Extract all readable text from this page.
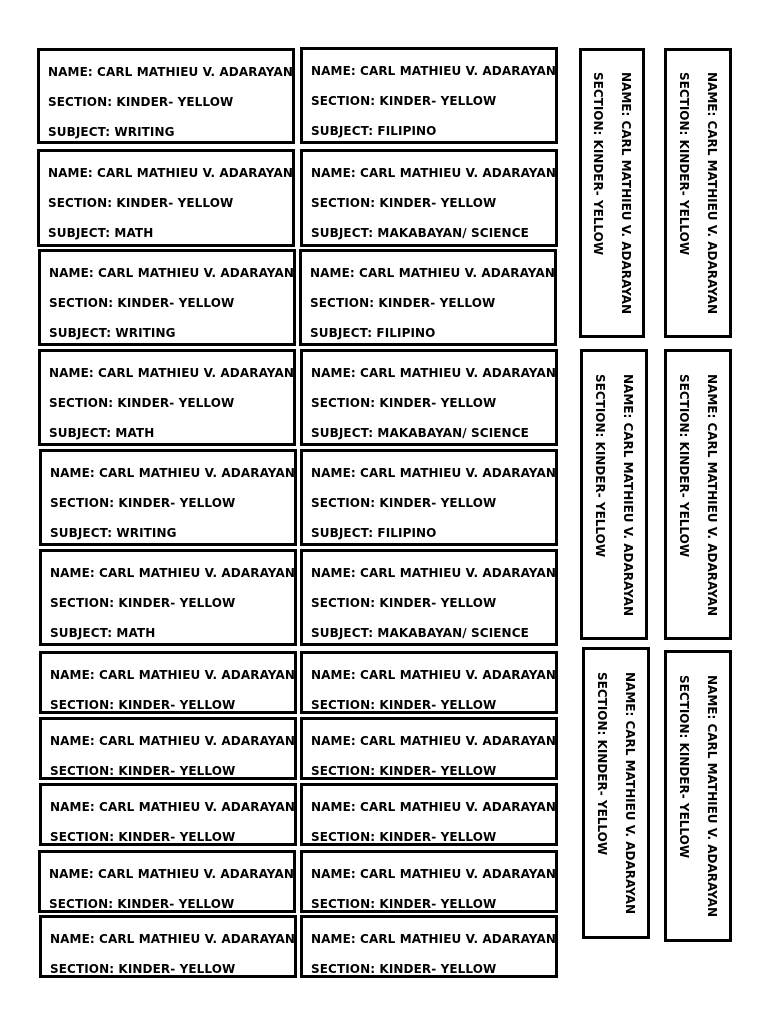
NAME: CARL MATHIEU V. ADARAYAN
SECTION: KINDER- YELLOW
SUBJECT: WRITING
NAME: CARL MATHIEU V. ADARAYAN
SECTION: KINDER- YELLOW
SUBJECT: MATH
NAME: CARL MATHIEU V. ADARAYAN
SECTION: KINDER- YELLOW
SUBJECT: WRITING
NAME: CARL MATHIEU V. ADARAYAN
SECTION: KINDER- YELLOW
SUBJECT: MATH
NAME: CARL MATHIEU V. ADARAYAN
SECTION: KINDER- YELLOW
SUBJECT: WRITING
NAME: CARL MATHIEU V. ADARAYAN
SECTION: KINDER- YELLOW
SUBJECT: MATH
NAME: CARL MATHIEU V. ADARAYAN
SECTION: KINDER- YELLOW
SUBJECT: FILIPINO
NAME: CARL MATHIEU V. ADARAYAN
SECTION: KINDER- YELLOW
SUBJECT: MAKABAYAN/ SCIENCE
NAME: CARL MATHIEU V. ADARAYAN
SECTION: KINDER- YELLOW
SUBJECT: FILIPINO
NAME: CARL MATHIEU V. ADARAYAN
SECTION: KINDER- YELLOW
SUBJECT: MAKABAYAN/ SCIENCE
NAME: CARL MATHIEU V. ADARAYAN
SECTION: KINDER- YELLOW
SUBJECT: FILIPINO
NAME: CARL MATHIEU V. ADARAYAN
SECTION: KINDER- YELLOW
SUBJECT: MAKABAYAN/ SCIENCE
NAME: CARL MATHIEU V. ADARAYAN
SECTION: KINDER- YELLOW
NAME: CARL MATHIEU V. ADARAYAN
SECTION: KINDER- YELLOW
NAME: CARL MATHIEU V. ADARAYAN
SECTION: KINDER- YELLOW
NAME: CARL MATHIEU V. ADARAYAN
SECTION: KINDER- YELLOW
NAME: CARL MATHIEU V. ADARAYAN
SECTION: KINDER- YELLOW
NAME: CARL MATHIEU V. ADARAYAN
SECTION: KINDER- YELLOW
NAME: CARL MATHIEU V. ADARAYAN
SECTION: KINDER- YELLOW
NAME: CARL MATHIEU V. ADARAYAN
SECTION: KINDER- YELLOW
NAME: CARL MATHIEU V. ADARAYAN
SECTION: KINDER- YELLOW
NAME: CARL MATHIEU V. ADARAYAN
SECTION: KINDER- YELLOW
NAME: CARL MATHIEU V. ADARAYAN
SECTION: KINDER- YELLOW	NAME: CARL MATHIEU V. ADARAYAN
SECTION: KINDER- YELLOW
NAME: CARL MATHIEU V. ADARAYAN
SECTION: KINDER- YELLOW	NAME: CARL MATHIEU V. ADARAYAN
SECTION: KINDER- YELLOW
NAME: CARL MATHIEU V. ADARAYAN
SECTION: KINDER- YELLOW	NAME: CARL MATHIEU V. ADARAYAN
SECTION: KINDER- YELLOW
